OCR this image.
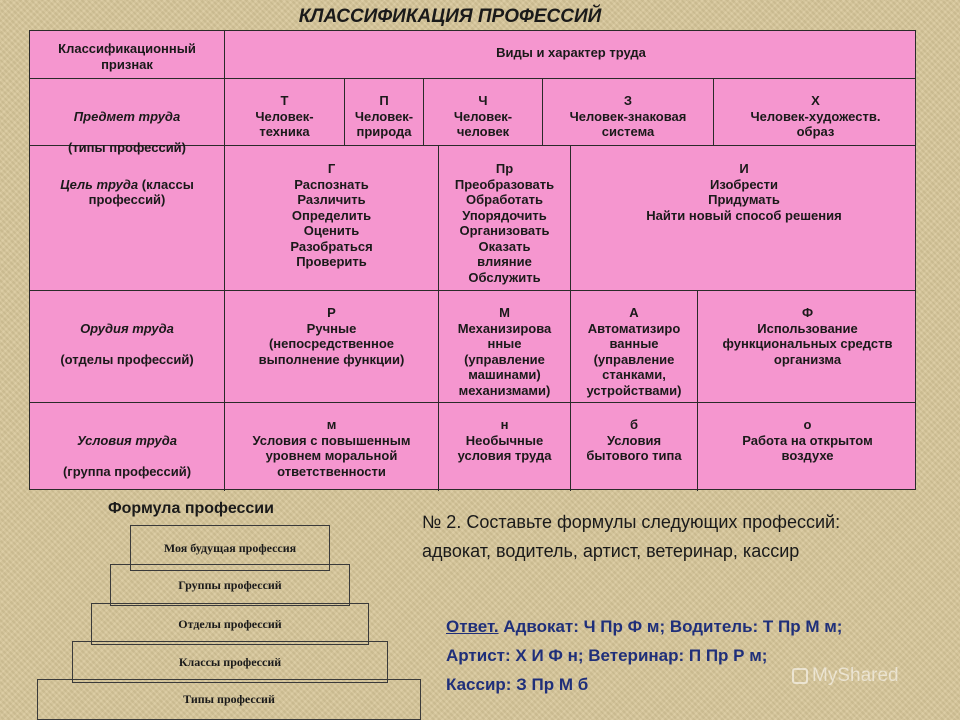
КЛАССИФИКАЦИЯ ПРОФЕССИЙ
Классификационный
признак
Виды и характер труда

Предмет труда

(типы профессий)

Т
Человек-
техника
П
Человек-
природа
Ч
Человек-
человек
З
Человек-знаковая
система
Х
Человек-художеств.
образ

Цель труда (классы профессий)

Г
Распознать
Различить
Определить
Оценить
Разобраться
Проверить
Пр
Преобразовать
Обработать
Упорядочить
Организовать
Оказать
влияние
Обслужить
И
Изобрести
Придумать
Найти новый способ решения

Орудия труда

(отделы профессий)

Р
Ручные
(непосредственное
выполнение функции)
М
Механизирова
нные
(управление
машинами)
механизмами)
А
Автоматизиро
ванные
(управление
станками,
устройствами)
Ф
Использование
функциональных средств
организма

Условия труда

(группа профессий)

м
Условия с повышенным
уровнем моральной
ответственности
н
Необычные
условия труда
б
Условия
бытового типа
о
Работа на открытом
воздухе
Формула профессии
Моя будущая профессия
Группы профессий
Отделы профессий
Классы профессий
Типы профессий
№ 2. Составьте формулы следующих профессий:
адвокат, водитель, артист, ветеринар, кассир
Ответ. Адвокат: Ч Пр Ф м; Водитель: Т Пр М м;
Артист: Х И Ф н; Ветеринар: П Пр Р м;
Кассир: З Пр М б	MyShared
